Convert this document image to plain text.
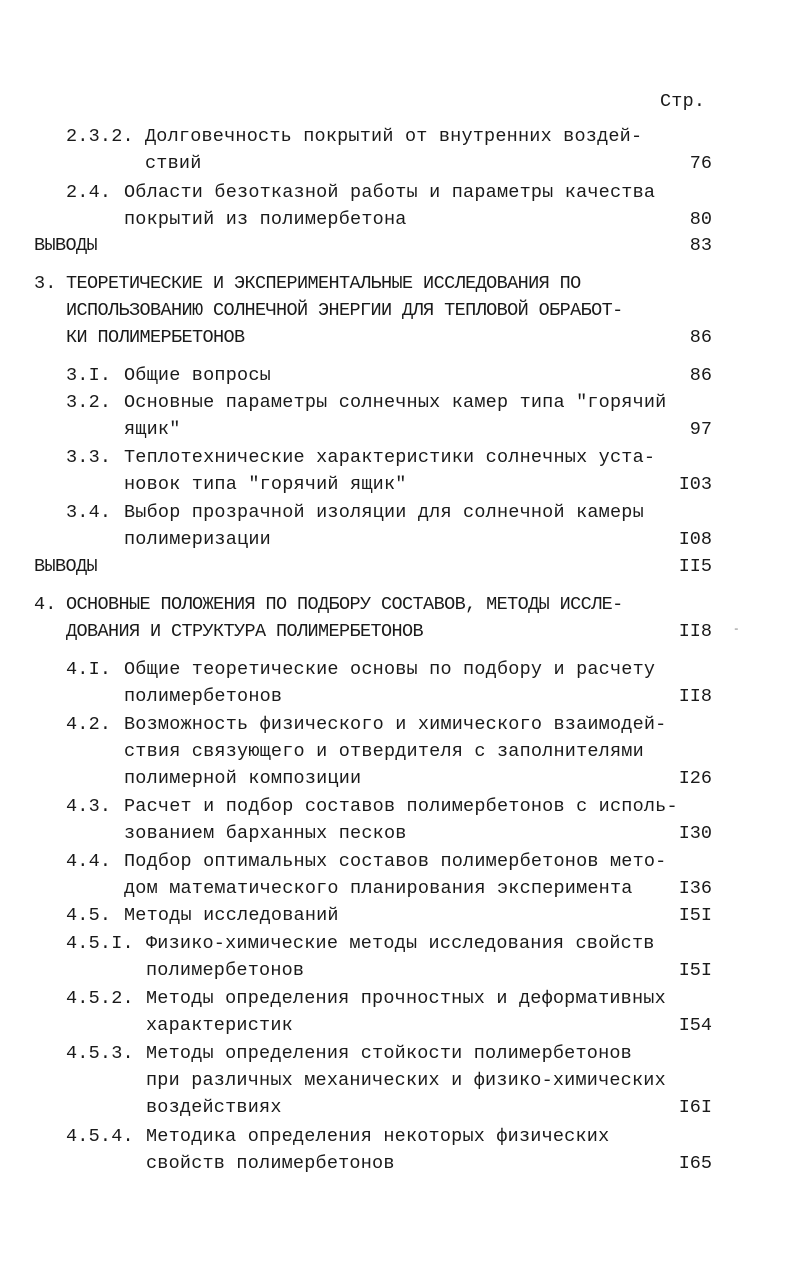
Стр.
2.3.2. Долговечность покрытий от внутренних воздей-
ствий	76
2.4. Области безотказной работы и параметры качества
покрытий из полимербетона	80
ВЫВОДЫ	83
3. ТЕОРЕТИЧЕСКИЕ И ЭКСПЕРИМЕНТАЛЬНЫЕ ИССЛЕДОВАНИЯ ПО
ИСПОЛЬЗОВАНИЮ СОЛНЕЧНОЙ ЭНЕРГИИ ДЛЯ ТЕПЛОВОЙ ОБРАБОТ-
КИ ПОЛИМЕРБЕТОНОВ	86
3.I. Общие вопросы	86
3.2. Основные параметры солнечных камер типа "горячий
ящик"	97
3.3. Теплотехнические характеристики солнечных уста-
новок типа "горячий ящик"	I03
3.4. Выбор прозрачной изоляции для солнечной камеры
полимеризации	I08
ВЫВОДЫ	II5
4. ОСНОВНЫЕ ПОЛОЖЕНИЯ ПО ПОДБОРУ СОСТАВОВ, МЕТОДЫ ИССЛЕ-
ДОВАНИЯ И СТРУКТУРА ПОЛИМЕРБЕТОНОВ	II8
4.I. Общие теоретические основы по подбору и расчету
полимербетонов	II8
4.2. Возможность физического и химического взаимодей-
ствия связующего и отвердителя с заполнителями
полимерной композиции	I26
4.3. Расчет и подбор составов полимербетонов с исполь-
зованием барханных песков	I30
4.4. Подбор оптимальных составов полимербетонов мето-
дом математического планирования эксперимента	I36
4.5. Методы исследований	I5I
4.5.I. Физико-химические методы исследования свойств
полимербетонов	I5I
4.5.2. Методы определения прочностных и деформативных
характеристик	I54
4.5.3. Методы определения стойкости полимербетонов
при различных механических и физико-химических
воздействиях	I6I
4.5.4. Методика определения некоторых физических
свойств полимербетонов	I65
-
